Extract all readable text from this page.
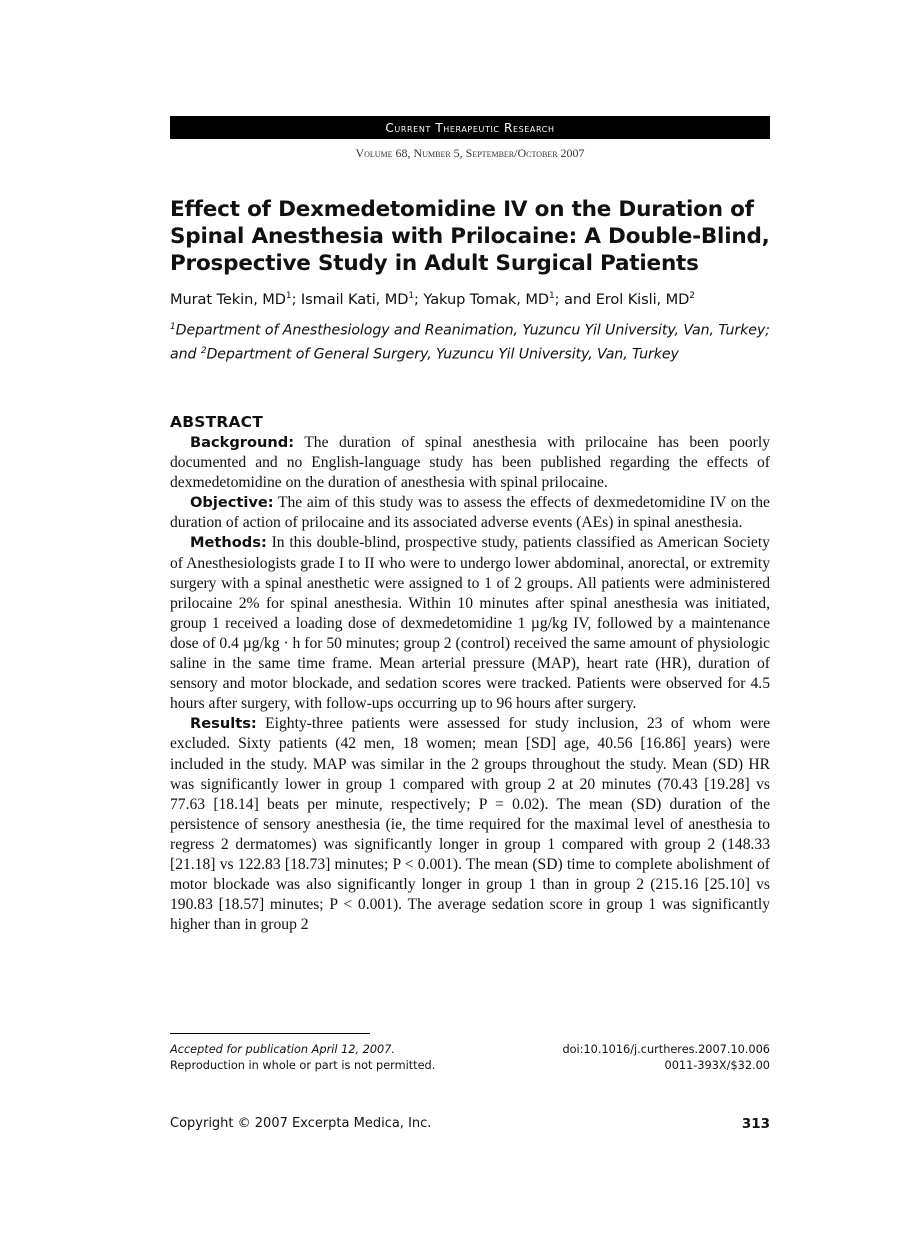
Current Therapeutic Research
Volume 68, Number 5, September/October 2007
Effect of Dexmedetomidine IV on the Duration of Spinal Anesthesia with Prilocaine: A Double-Blind, Prospective Study in Adult Surgical Patients
Murat Tekin, $MD^1$; Ismail Kati, $MD^1$; Yakup Tomak, $MD^1$; and Erol Kisli, $MD^2$
$^1$Department of Anesthesiology and Reanimation, Yuzuncu Yil University, Van, Turkey; and $^2$Department of General Surgery, Yuzuncu Yil University, Van, Turkey
ABSTRACT

Background: The duration of spinal anesthesia with prilocaine has been poorly documented and no English-language study has been published regarding the effects of dexmedetomidine on the duration of anesthesia with spinal prilocaine.

Objective: The aim of this study was to assess the effects of dexmedetomidine IV on the duration of action of prilocaine and its associated adverse events (AEs) in spinal anesthesia.

Methods: In this double-blind, prospective study, patients classified as American Society of Anesthesiologists grade I to II who were to undergo lower abdominal, anorectal, or extremity surgery with a spinal anesthetic were assigned to 1 of 2 groups. All patients were administered prilocaine 2% for spinal anesthesia. Within 10 minutes after spinal anesthesia was initiated, group 1 received a loading dose of dexmedetomidine 1 µg/kg IV, followed by a maintenance dose of 0.4 µg/kg · h for 50 minutes; group 2 (control) received the same amount of physiologic saline in the same time frame. Mean arterial pressure (MAP), heart rate (HR), duration of sensory and motor blockade, and sedation scores were tracked. Patients were observed for 4.5 hours after surgery, with follow-ups occurring up to 96 hours after surgery.

Results: Eighty-three patients were assessed for study inclusion, 23 of whom were excluded. Sixty patients (42 men, 18 women; mean [SD] age, 40.56 [16.86] years) were included in the study. MAP was similar in the 2 groups throughout the study. Mean (SD) HR was significantly lower in group 1 compared with group 2 at 20 minutes (70.43 [19.28] vs 77.63 [18.14] beats per minute, respectively; P = 0.02). The mean (SD) duration of the persistence of sensory anesthesia (ie, the time required for the maximal level of anesthesia to regress 2 dermatomes) was significantly longer in group 1 compared with group 2 (148.33 [21.18] vs 122.83 [18.73] minutes; P < 0.001). The mean (SD) time to complete abolishment of motor blockade was also significantly longer in group 1 than in group 2 (215.16 [25.10] vs 190.83 [18.57] minutes; P < 0.001). The average sedation score in group 1 was significantly higher than in group 2

Accepted for publication April 12, 2007.
Reproduction in whole or part is not permitted.
doi:10.1016/j.curtheres.2007.10.006
0011-393X/$32.00
Copyright © 2007 Excerpta Medica, Inc.	313
